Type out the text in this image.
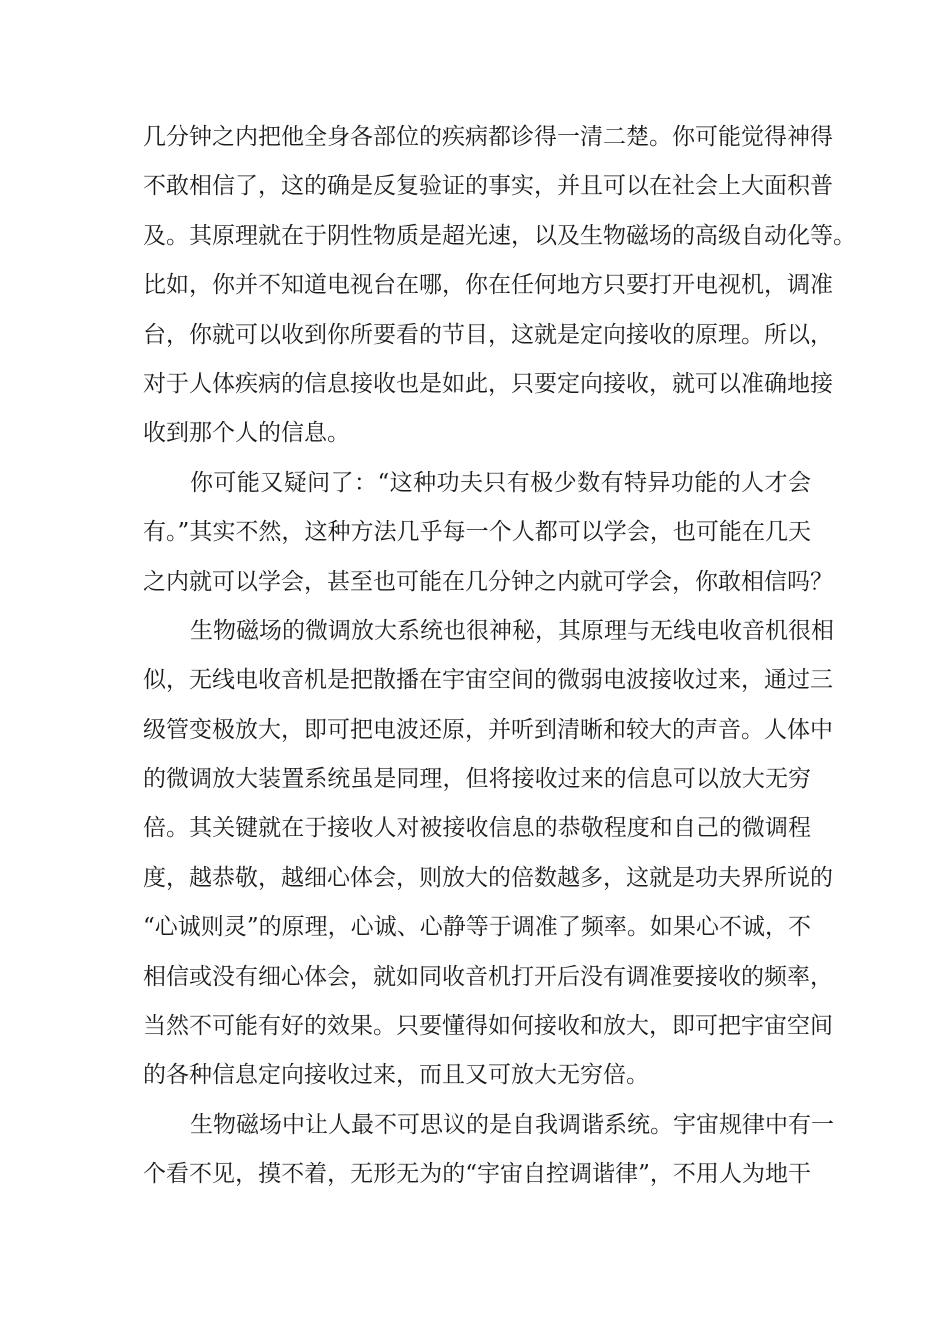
几分钟之内把他全身各部位的疾病都诊得一清二楚。你可能觉得神得
不敢相信了，这的确是反复验证的事实，并且可以在社会上大面积普
及。其原理就在于阴性物质是超光速，以及生物磁场的高级自动化等。
比如，你并不知道电视台在哪，你在任何地方只要打开电视机，调准
台，你就可以收到你所要看的节目，这就是定向接收的原理。所以，
对于人体疾病的信息接收也是如此，只要定向接收，就可以准确地接
收到那个人的信息。
你可能又疑问了：“这种功夫只有极少数有特异功能的人才会
有。”其实不然，这种方法几乎每一个人都可以学会，也可能在几天
之内就可以学会，甚至也可能在几分钟之内就可学会，你敢相信吗？
生物磁场的微调放大系统也很神秘，其原理与无线电收音机很相
似，无线电收音机是把散播在宇宙空间的微弱电波接收过来，通过三
级管变极放大，即可把电波还原，并听到清晰和较大的声音。人体中
的微调放大装置系统虽是同理，但将接收过来的信息可以放大无穷
倍。其关键就在于接收人对被接收信息的恭敬程度和自己的微调程
度，越恭敬，越细心体会，则放大的倍数越多，这就是功夫界所说的
“心诚则灵”的原理，心诚、心静等于调准了频率。如果心不诚，不
相信或没有细心体会，就如同收音机打开后没有调准要接收的频率，
当然不可能有好的效果。只要懂得如何接收和放大，即可把宇宙空间
的各种信息定向接收过来，而且又可放大无穷倍。
生物磁场中让人最不可思议的是自我调谐系统。宇宙规律中有一
个看不见，摸不着，无形无为的“宇宙自控调谐律”，不用人为地干
